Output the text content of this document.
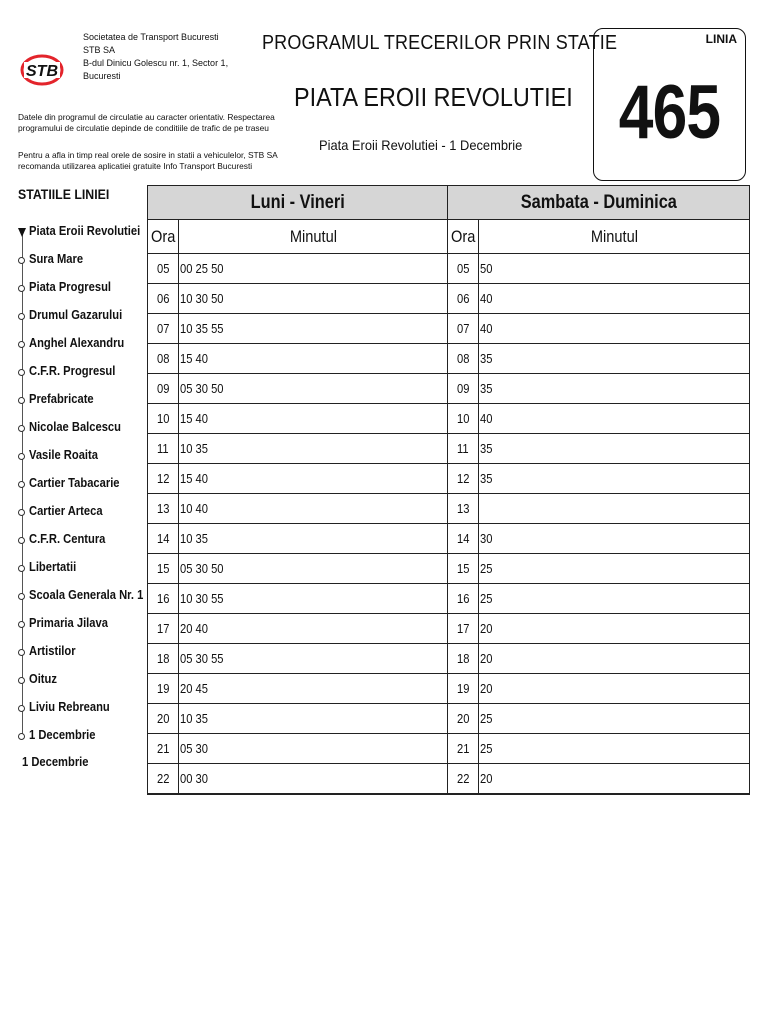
Societatea de Transport Bucuresti
STB SA
B-dul Dinicu Golescu nr. 1, Sector 1,
Bucuresti
STB
Datele din programul de circulatie au caracter orientativ. Respectarea
programului de circulatie depinde de conditiile de trafic de pe traseu
Pentru a afla in timp real orele de sosire in statii a vehiculelor, STB SA
recomanda utilizarea aplicatiei gratuite Info Transport Bucuresti
PROGRAMUL TRECERILOR PRIN STATIE
PIATA EROII REVOLUTIEI
Piata Eroii Revolutiei - 1 Decembrie
LINIA
465
STATIILE LINIEI
Piata Eroii Revolutiei
Sura Mare
Piata Progresul
Drumul Gazarului
Anghel Alexandru
C.F.R. Progresul
Prefabricate
Nicolae Balcescu
Vasile Roaita
Cartier Tabacarie
Cartier Arteca
C.F.R. Centura
Libertatii
Scoala Generala Nr. 1
Primaria Jilava
Artistilor
Oituz
Liviu Rebreanu
1 Decembrie
1 Decembrie
Luni - Vineri		Sambata - Duminica	
Ora	Minutul	Ora	Minutul
05	00 25 50	05	50
06	10 30 50	06	40
07	10 35 55	07	40
08	15 40	08	35
09	05 30 50	09	35
10	15 40	10	40
11	10 35	11	35
12	15 40	12	35
13	10 40	13	
14	10 35	14	30
15	05 30 50	15	25
16	10 30 55	16	25
17	20 40	17	20
18	05 30 55	18	20
19	20 45	19	20
20	10 35	20	25
21	05 30	21	25
22	00 30	22	20
